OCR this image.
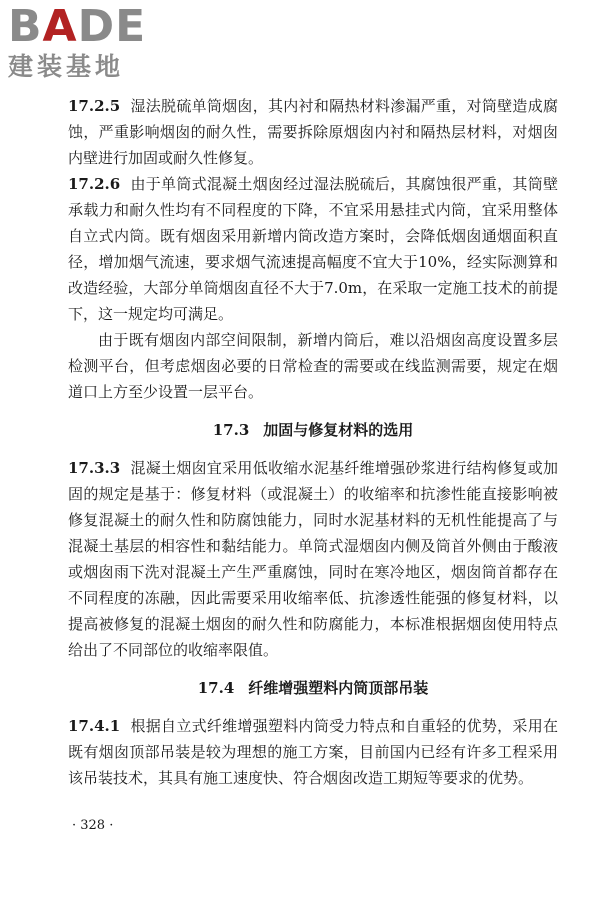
BADE
建装基地

17.2.5 湿法脱硫单筒烟囱，其内衬和隔热材料渗漏严重，对筒壁造成腐蚀，严重影响烟囱的耐久性，需要拆除原烟囱内衬和隔热层材料，对烟囱内壁进行加固或耐久性修复。

17.2.6 由于单筒式混凝土烟囱经过湿法脱硫后，其腐蚀很严重，其筒壁承载力和耐久性均有不同程度的下降，不宜采用悬挂式内筒，宜采用整体自立式内筒。既有烟囱采用新增内筒改造方案时，会降低烟囱通烟面积直径，增加烟气流速，要求烟气流速提高幅度不宜大于10%，经实际测算和改造经验，大部分单筒烟囱直径不大于7.0m，在采取一定施工技术的前提下，这一规定均可满足。

由于既有烟囱内部空间限制，新增内筒后，难以沿烟囱高度设置多层检测平台，但考虑烟囱必要的日常检查的需要或在线监测需要，规定在烟道口上方至少设置一层平台。

17.3 加固与修复材料的选用

17.3.3 混凝土烟囱宜采用低收缩水泥基纤维增强砂浆进行结构修复或加固的规定是基于：修复材料（或混凝土）的收缩率和抗渗性能直接影响被修复混凝土的耐久性和防腐蚀能力，同时水泥基材料的无机性能提高了与混凝土基层的相容性和黏结能力。单筒式湿烟囱内侧及筒首外侧由于酸液或烟囱雨下洗对混凝土产生严重腐蚀，同时在寒冷地区，烟囱筒首都存在不同程度的冻融，因此需要采用收缩率低、抗渗透性能强的修复材料，以提高被修复的混凝土烟囱的耐久性和防腐能力，本标准根据烟囱使用特点给出了不同部位的收缩率限值。

17.4 纤维增强塑料内筒顶部吊装

17.4.1 根据自立式纤维增强塑料内筒受力特点和自重轻的优势，采用在既有烟囱顶部吊装是较为理想的施工方案，目前国内已经有许多工程采用该吊装技术，其具有施工速度快、符合烟囱改造工期短等要求的优势。

· 328 ·
